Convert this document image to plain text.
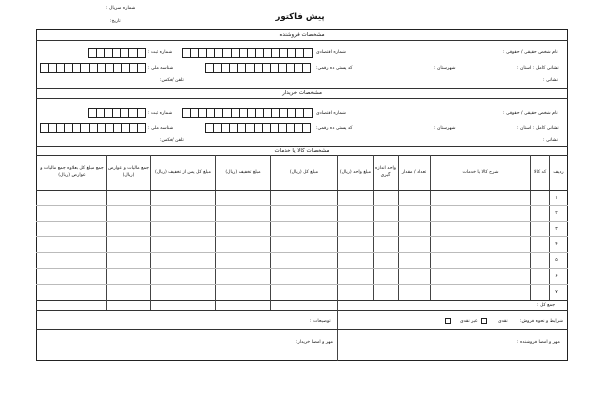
شماره سریال :
تاریخ:	پیش فاکتور
مشخصات فروشنده
نام شخص حقیقی / حقوقی :
شماره اقتصادی
شماره ثبت :
نشانی کامل : استان :
شهرستان :
کد پستی ده رقمی:
شناسه ملی :
نشانی :
تلفن /فکس:
مشخصات خریدار
نام شخص حقیقی / حقوقی :
شماره اقتصادی
شماره ثبت :
نشانی کامل : استان :
شهرستان :
کد پستی ده رقمی:
شناسه ملی :
نشانی :
تلفن /فکس:
مشخصات کالا یا خدمات
ردیف
کد کالا
شرح کالا یا خدمات
تعداد / مقدار
واحد اندازه گیری
مبلغ واحد (ریال)
مبلغ کل (ریال)
مبلغ تخفیف (ریال)
مبلغ کل پس از تخفیف (ریال)
جمع مالیات و عوارض (ریال)
جمع مبلغ کل بعلاوه جمع مالیات و عوارض (ریال)
۱
۲
۳
۴
۵
۶
۷
جمع کل :
شرایط و نحوه فروش:
نقدی
غیر نقدی
توضیحات :
مهر و امضا فروشنده :
مهر و امضا خریدار:
